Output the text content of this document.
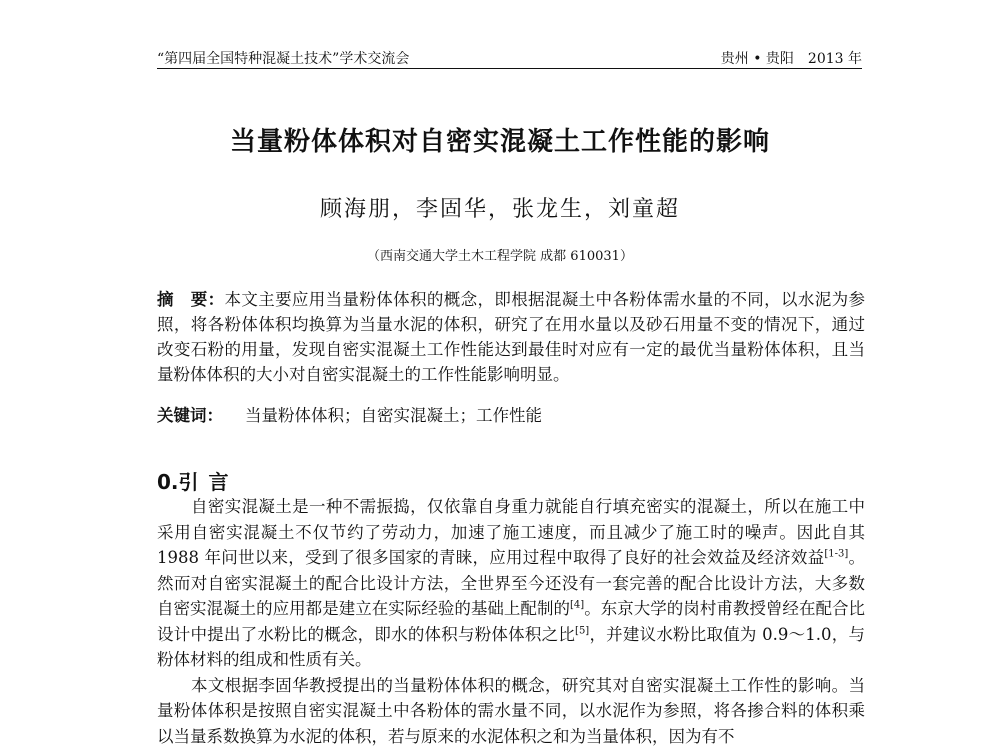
“第四届全国特种混凝土技术”学术交流会	贵州 • 贵阳　2013 年
当量粉体体积对自密实混凝土工作性能的影响
顾海朋，李固华，张龙生，刘童超
（西南交通大学土木工程学院 成都 610031）
摘　要：本文主要应用当量粉体体积的概念，即根据混凝土中各粉体需水量的不同，以水泥为参照，将各粉体体积均换算为当量水泥的体积，研究了在用水量以及砂石用量不变的情况下，通过改变石粉的用量，发现自密实混凝土工作性能达到最佳时对应有一定的最优当量粉体体积，且当量粉体体积的大小对自密实混凝土的工作性能影响明显。
关键词： 当量粉体体积；自密实混凝土；工作性能
0.引 言

自密实混凝土是一种不需振捣，仅依靠自身重力就能自行填充密实的混凝土，所以在施工中采用自密实混凝土不仅节约了劳动力，加速了施工速度，而且减少了施工时的噪声。因此自其 1988 年问世以来，受到了很多国家的青睐，应用过程中取得了良好的社会效益及经济效益[1-3]。然而对自密实混凝土的配合比设计方法，全世界至今还没有一套完善的配合比设计方法，大多数自密实混凝土的应用都是建立在实际经验的基础上配制的[4]。东京大学的岗村甫教授曾经在配合比设计中提出了水粉比的概念，即水的体积与粉体体积之比[5]，并建议水粉比取值为 0.9～1.0，与粉体材料的组成和性质有关。

本文根据李固华教授提出的当量粉体体积的概念，研究其对自密实混凝土工作性的影响。当量粉体体积是按照自密实混凝土中各粉体的需水量不同，以水泥作为参照，将各掺合料的体积乘以当量系数换算为水泥的体积，若与原来的水泥体积之和为当量体积，因为有不
